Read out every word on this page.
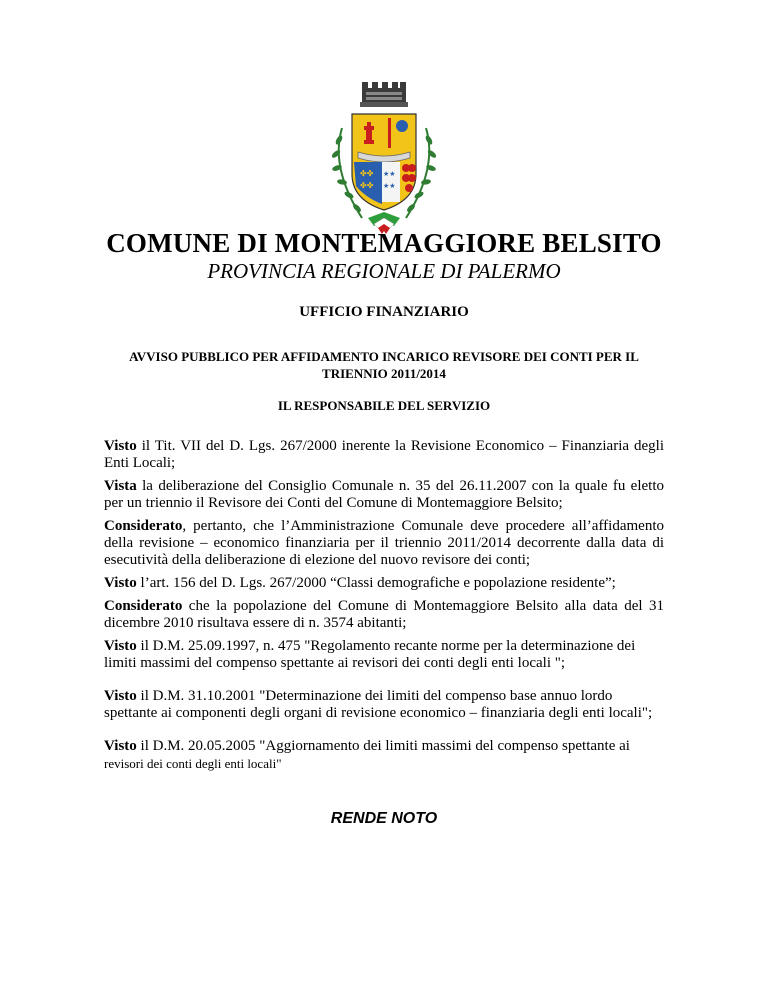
✤✤
✤✤
★★
★★
COMUNE DI MONTEMAGGIORE BELSITO
PROVINCIA REGIONALE DI PALERMO
UFFICIO FINANZIARIO
AVVISO PUBBLICO PER AFFIDAMENTO INCARICO REVISORE DEI CONTI PER IL
TRIENNIO 2011/2014
IL RESPONSABILE DEL SERVIZIO

Visto il Tit. VII del D. Lgs. 267/2000 inerente la Revisione Economico – Finanziaria degli Enti Locali;

Vista la deliberazione del Consiglio Comunale n. 35 del 26.11.2007 con la quale fu eletto per un triennio il Revisore dei Conti del Comune di Montemaggiore Belsito;

Considerato, pertanto, che l’Amministrazione Comunale deve procedere all’affidamento della revisione – economico finanziaria per il triennio 2011/2014 decorrente dalla data di esecutività della deliberazione di elezione del nuovo revisore dei conti;

Visto l’art. 156 del D. Lgs. 267/2000 “Classi demografiche e popolazione residente”;

Considerato che la popolazione del Comune di Montemaggiore Belsito alla data del 31 dicembre 2010 risultava essere di n. 3574 abitanti;

Visto il D.M. 25.09.1997, n. 475 "Regolamento recante norme per la determinazione dei limiti massimi del compenso spettante ai revisori dei conti degli enti locali ";

Visto il D.M. 31.10.2001 "Determinazione dei limiti del compenso base annuo lordo spettante ai componenti degli organi di revisione economico – finanziaria degli enti locali";

Visto il D.M. 20.05.2005 "Aggiornamento dei limiti massimi del compenso spettante ai
revisori dei conti degli enti locali"

RENDE NOTO
